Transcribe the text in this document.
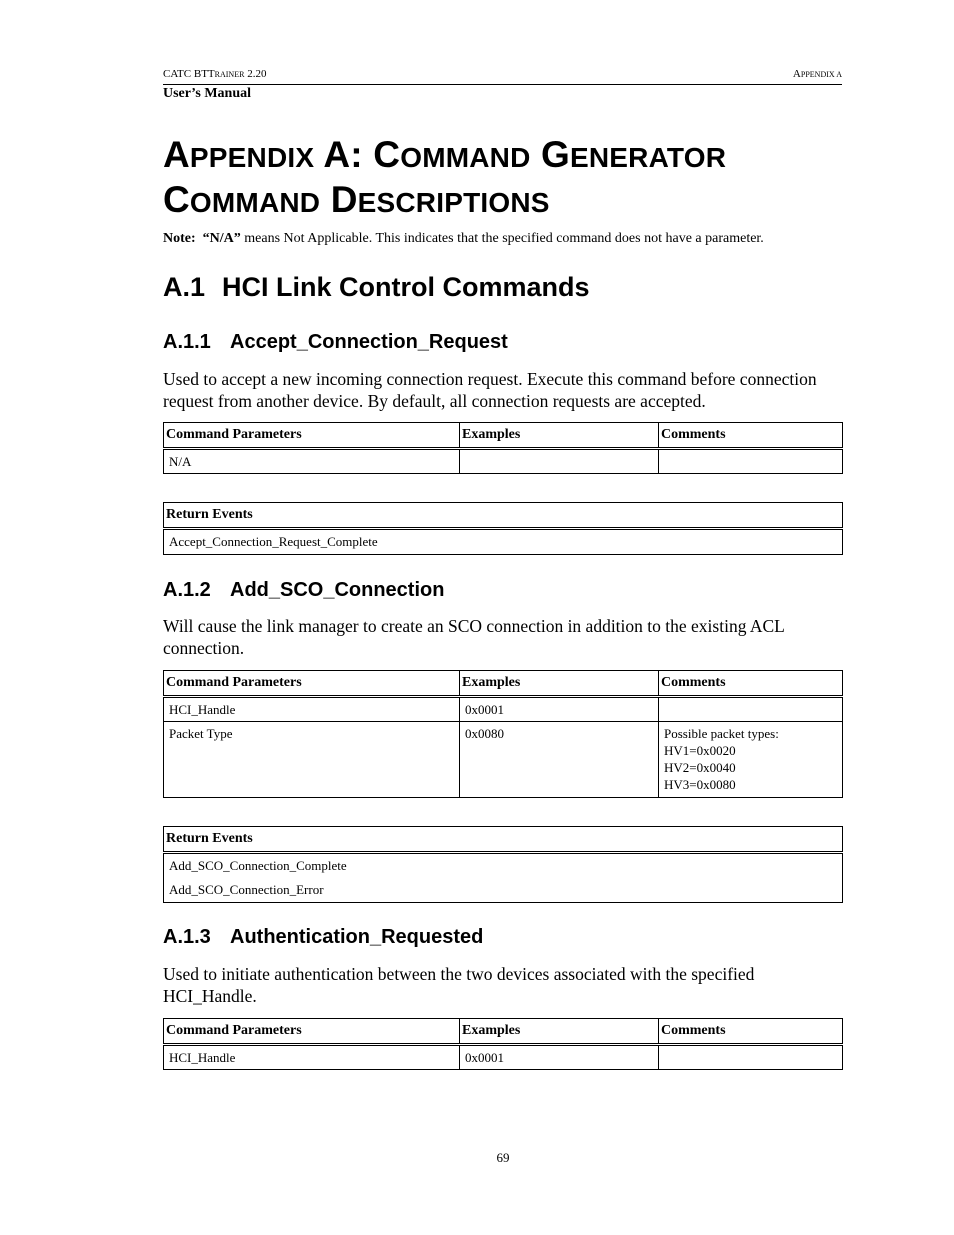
CATC BTTRAINER 2.20	APPENDIX A
User’s Manual
APPENDIX A: COMMAND GENERATOR
COMMAND DESCRIPTIONS
Note: “N/A” means Not Applicable. This indicates that the specified command does not have a parameter.
A.1 HCI Link Control Commands
A.1.1 Accept_Connection_Request
Used to accept a new incoming connection request. Execute this command before connection request from another device. By default, all connection requests are accepted.
Command Parameters	Examples	Comments
N/A		
Return Events
Accept_Connection_Request_Complete
A.1.2 Add_SCO_Connection
Will cause the link manager to create an SCO connection in addition to the existing ACL connection.
Command Parameters	Examples	Comments
HCI_Handle	0x0001	
Packet Type	0x0080	Possible packet types:
HV1=0x0020
HV2=0x0040
HV3=0x0080
Return Events
Add_SCO_Connection_Complete
Add_SCO_Connection_Error
A.1.3 Authentication_Requested
Used to initiate authentication between the two devices associated with the specified HCI_Handle.
Command Parameters	Examples	Comments
HCI_Handle	0x0001	
69
